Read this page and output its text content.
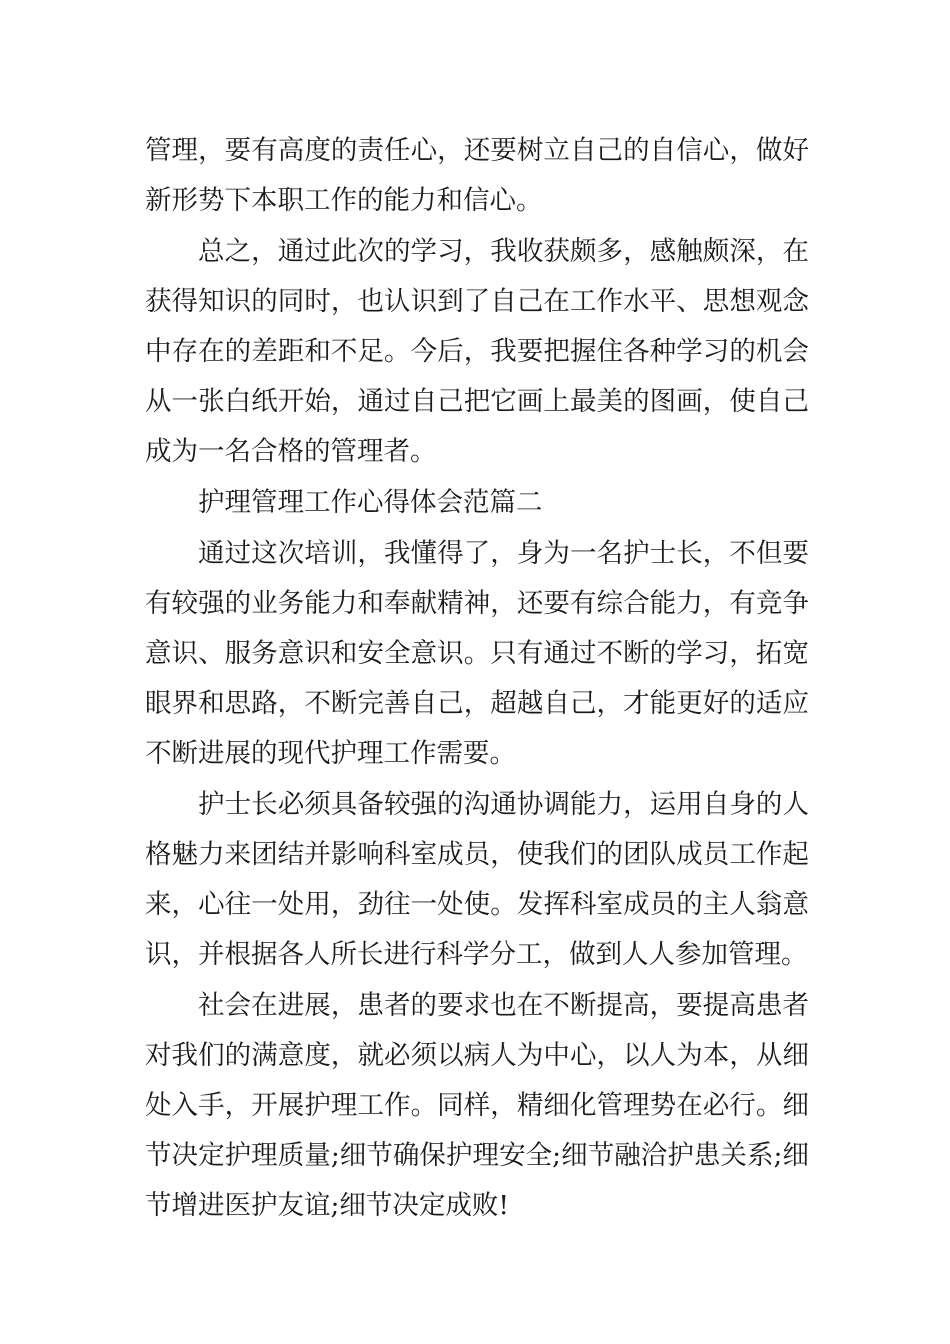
管理，要有高度的责任心，还要树立自己的自信心，做好新形势下本职工作的能力和信心。

总之，通过此次的学习，我收获颇多，感触颇深，在获得知识的同时，也认识到了自己在工作水平、思想观念中存在的差距和不足。今后，我要把握住各种学习的机会从一张白纸开始，通过自己把它画上最美的图画，使自己成为一名合格的管理者。

护理管理工作心得体会范篇二

通过这次培训，我懂得了，身为一名护士长，不但要有较强的业务能力和奉献精神，还要有综合能力，有竞争意识、服务意识和安全意识。只有通过不断的学习，拓宽眼界和思路，不断完善自己，超越自己，才能更好的适应不断进展的现代护理工作需要。

护士长必须具备较强的沟通协调能力，运用自身的人格魅力来团结并影响科室成员，使我们的团队成员工作起来，心往一处用，劲往一处使。发挥科室成员的主人翁意识，并根据各人所长进行科学分工，做到人人参加管理。

社会在进展，患者的要求也在不断提高，要提高患者对我们的满意度，就必须以病人为中心，以人为本，从细处入手，开展护理工作。同样，精细化管理势在必行。细节决定护理质量;细节确保护理安全;细节融洽护患关系;细节增进医护友谊;细节决定成败!
